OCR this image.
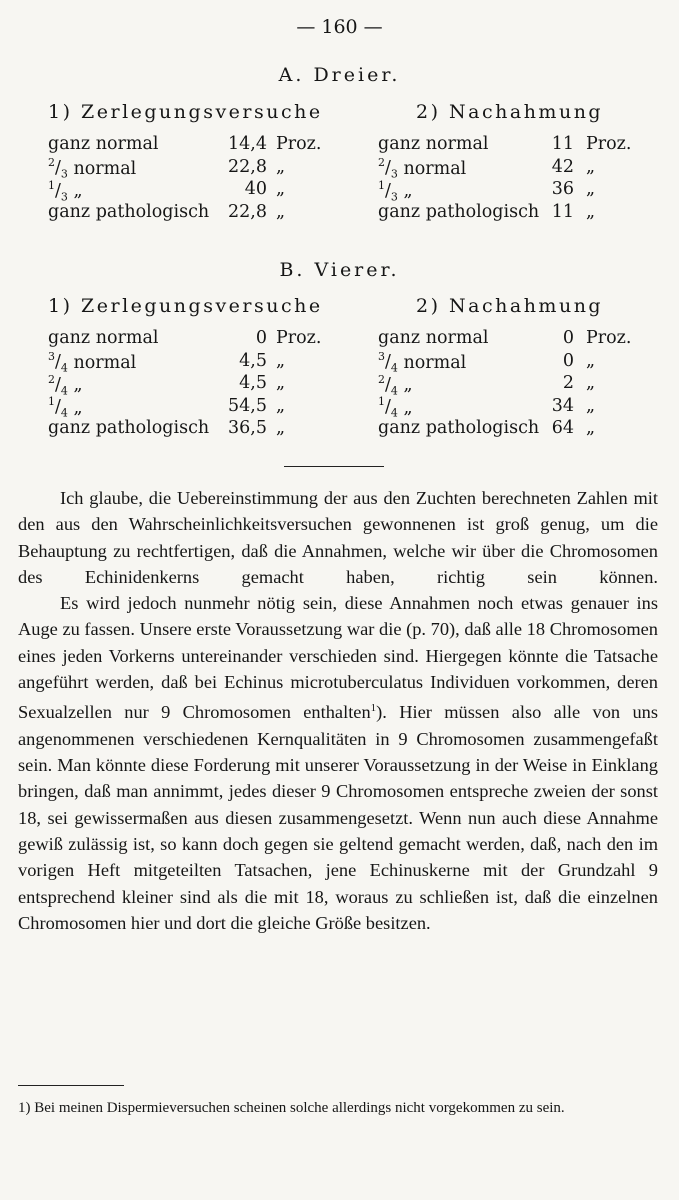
— 160 —
A. Dreier.
1) Zerlegungsversuche	2) Nachahmung
ganz normal	14,4 Proz.
$^2/_3$ normal	22,8 „
$^1/_3$ „	40 „
ganz pathologisch	22,8 „
ganz normal	11 Proz.
$^2/_3$ normal	42 „
$^1/_3$ „	36 „
ganz pathologisch 11 „
B. Vierer.
1) Zerlegungsversuche	2) Nachahmung
ganz normal	0 Proz.
$^3/_4$ normal	4,5 „
$^2/_4$ „	4,5 „
$^1/_4$ „	54,5 „
ganz pathologisch	36,5 „
ganz normal	0 Proz.
$^3/_4$ normal	0 „
$^2/_4$ „	2 „
$^1/_4$ „	34 „
ganz pathologisch 64 „

Ich glaube, die Uebereinstimmung der aus den Zuchten berechneten Zahlen mit den aus den Wahrscheinlichkeitsversuchen gewonnenen ist groß genug, um die Behauptung zu rechtfertigen, daß die Annahmen, welche wir über die Chromosomen des Echinidenkerns gemacht haben, richtig sein können.

Es wird jedoch nunmehr nötig sein, diese Annahmen noch etwas genauer ins Auge zu fassen. Unsere erste Voraussetzung war die (p. 70), daß alle 18 Chromosomen eines jeden Vorkerns untereinander verschieden sind. Hiergegen könnte die Tatsache angeführt werden, daß bei Echinus microtuberculatus Individuen vorkommen, deren Sexualzellen nur 9 Chromosomen enthalten$^1$). Hier müssen also alle von uns angenommenen verschiedenen Kernqualitäten in 9 Chromosomen zusammengefaßt sein. Man könnte diese Forderung mit unserer Voraussetzung in der Weise in Einklang bringen, daß man annimmt, jedes dieser 9 Chromosomen entspreche zweien der sonst 18, sei gewissermaßen aus diesen zusammengesetzt. Wenn nun auch diese Annahme gewiß zulässig ist, so kann doch gegen sie geltend gemacht werden, daß, nach den im vorigen Heft mitgeteilten Tatsachen, jene Echinuskerne mit der Grundzahl 9 entsprechend kleiner sind als die mit 18, woraus zu schließen ist, daß die einzelnen Chromosomen hier und dort die gleiche Größe besitzen.

1) Bei meinen Dispermieversuchen scheinen solche allerdings nicht vorgekommen zu sein.
